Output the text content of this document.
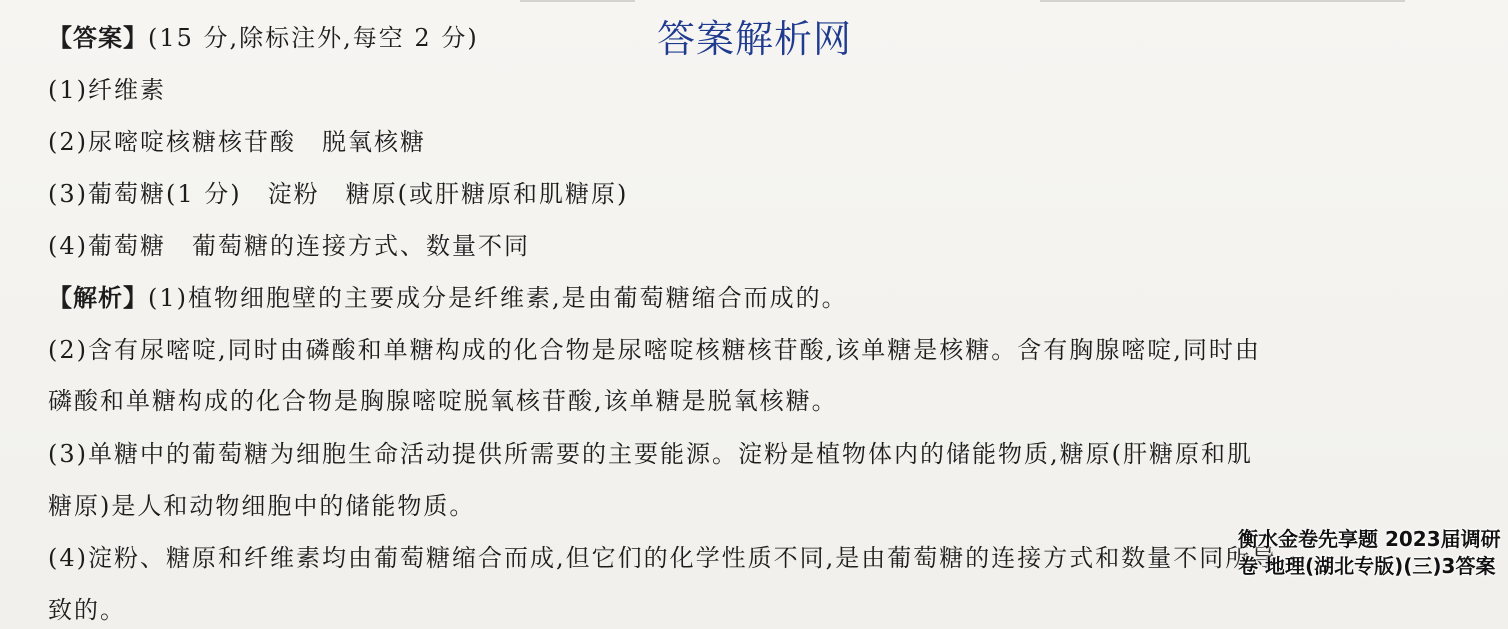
答案解析网
【答案】(15 分,除标注外,每空 2 分)
(1)纤维素
(2)尿嘧啶核糖核苷酸　脱氧核糖
(3)葡萄糖(1 分)　淀粉　糖原(或肝糖原和肌糖原)
(4)葡萄糖　葡萄糖的连接方式、数量不同
【解析】(1)植物细胞壁的主要成分是纤维素,是由葡萄糖缩合而成的。
(2)含有尿嘧啶,同时由磷酸和单糖构成的化合物是尿嘧啶核糖核苷酸,该单糖是核糖。含有胸腺嘧啶,同时由
磷酸和单糖构成的化合物是胸腺嘧啶脱氧核苷酸,该单糖是脱氧核糖。
(3)单糖中的葡萄糖为细胞生命活动提供所需要的主要能源。淀粉是植物体内的储能物质,糖原(肝糖原和肌
糖原)是人和动物细胞中的储能物质。
(4)淀粉、糖原和纤维素均由葡萄糖缩合而成,但它们的化学性质不同,是由葡萄糖的连接方式和数量不同所导
致的。
衡水金卷先享题 2023届调研卷 地理(湖北专版)(三)3答案
